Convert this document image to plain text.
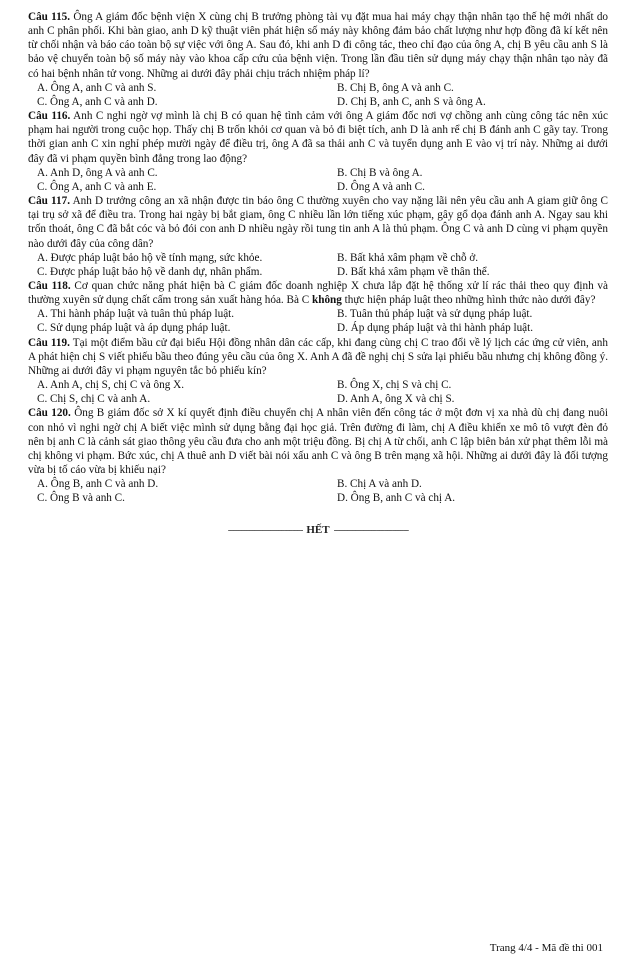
Câu 115. Ông A giám đốc bệnh viện X cùng chị B trưởng phòng tài vụ đặt mua hai máy chạy thận nhân tạo thế hệ mới nhất do anh C phân phối. Khi bàn giao, anh D kỹ thuật viên phát hiện số máy này không đảm bảo chất lượng như hợp đồng đã kí kết nên từ chối nhận và báo cáo toàn bộ sự việc với ông A. Sau đó, khi anh D đi công tác, theo chỉ đạo của ông A, chị B yêu cầu anh S là bảo vệ chuyển toàn bộ số máy này vào khoa cấp cứu của bệnh viện. Trong lần đầu tiên sử dụng máy chạy thận nhân tạo này đã có hai bệnh nhân tử vong. Những ai dưới đây phải chịu trách nhiệm pháp lí?

A. Ông A, anh C và anh S.	B. Chị B, ông A và anh C.
C. Ông A, anh C và anh D.	D. Chị B, anh C, anh S và ông A.

Câu 116. Anh C nghi ngờ vợ mình là chị B có quan hệ tình cảm với ông A giám đốc nơi vợ chồng anh cùng công tác nên xúc phạm hai người trong cuộc họp. Thấy chị B trốn khỏi cơ quan và bỏ đi biệt tích, anh D là anh rể chị B đánh anh C gãy tay. Trong thời gian anh C xin nghỉ phép mười ngày để điều trị, ông A đã sa thải anh C và tuyển dụng anh E vào vị trí này. Những ai dưới đây đã vi phạm quyền bình đẳng trong lao động?

A. Anh D, ông A và anh C.	B. Chị B và ông A.
C. Ông A, anh C và anh E.	D. Ông A và anh C.

Câu 117. Anh D trưởng công an xã nhận được tin báo ông C thường xuyên cho vay nặng lãi nên yêu cầu anh A giam giữ ông C tại trụ sở xã để điều tra. Trong hai ngày bị bắt giam, ông C nhiều lần lớn tiếng xúc phạm, gây gổ dọa đánh anh A. Ngay sau khi trốn thoát, ông C đã bắt cóc và bỏ đói con anh D nhiều ngày rồi tung tin anh A là thủ phạm. Ông C và anh D cùng vi phạm quyền nào dưới đây của công dân?

A. Được pháp luật bảo hộ về tính mạng, sức khỏe.	B. Bất khả xâm phạm về chỗ ở.
C. Được pháp luật bảo hộ về danh dự, nhân phẩm.	D. Bất khả xâm phạm về thân thể.

Câu 118. Cơ quan chức năng phát hiện bà C giám đốc doanh nghiệp X chưa lắp đặt hệ thống xử lí rác thải theo quy định và thường xuyên sử dụng chất cấm trong sản xuất hàng hóa. Bà C không thực hiện pháp luật theo những hình thức nào dưới đây?

A. Thi hành pháp luật và tuân thủ pháp luật.	B. Tuân thủ pháp luật và sử dụng pháp luật.
C. Sử dụng pháp luật và áp dụng pháp luật.	D. Áp dụng pháp luật và thi hành pháp luật.

Câu 119. Tại một điểm bầu cử đại biểu Hội đồng nhân dân các cấp, khi đang cùng chị C trao đổi về lý lịch các ứng cử viên, anh A phát hiện chị S viết phiếu bầu theo đúng yêu cầu của ông X. Anh A đã đề nghị chị S sửa lại phiếu bầu nhưng chị không đồng ý. Những ai dưới đây vi phạm nguyên tắc bỏ phiếu kín?

A. Anh A, chị S, chị C và ông X.	B. Ông X, chị S và chị C.
C. Chị S, chị C và anh A.	D. Anh A, ông X và chị S.

Câu 120. Ông B giám đốc sở X kí quyết định điều chuyển chị A nhân viên đến công tác ở một đơn vị xa nhà dù chị đang nuôi con nhỏ vì nghi ngờ chị A biết việc mình sử dụng bằng đại học giả. Trên đường đi làm, chị A điều khiển xe mô tô vượt đèn đỏ nên bị anh C là cảnh sát giao thông yêu cầu đưa cho anh một triệu đồng. Bị chị A từ chối, anh C lập biên bản xử phạt thêm lỗi mà chị không vi phạm. Bức xúc, chị A thuê anh D viết bài nói xấu anh C và ông B trên mạng xã hội. Những ai dưới đây là đối tượng vừa bị tố cáo vừa bị khiếu nại?

A. Ông B, anh C và anh D.	B. Chị A và anh D.
C. Ông B và anh C.	D. Ông B, anh C và chị A.
---------------------------- HẾT ----------------------------
Trang 4/4 - Mã đề thi 001
